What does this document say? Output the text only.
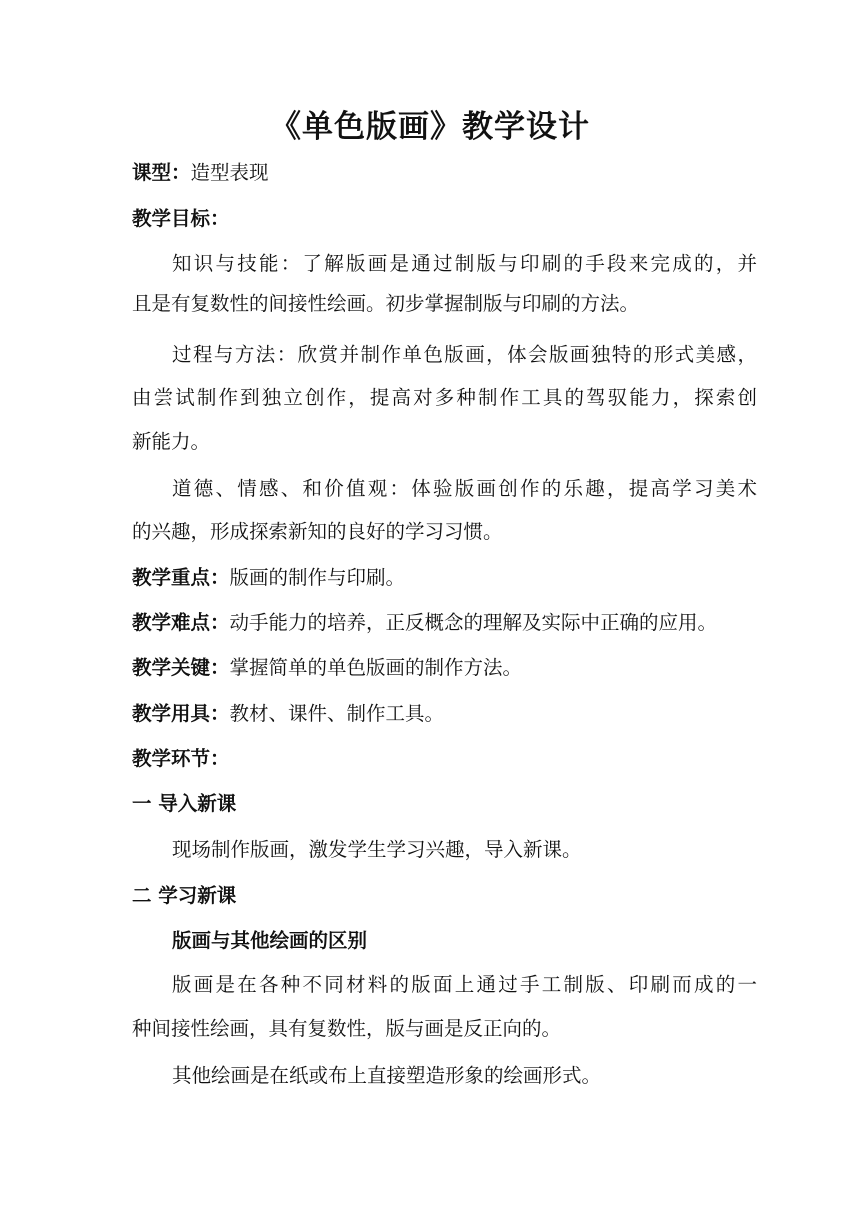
《单色版画》教学设计
课型：造型表现
教学目标：
知识与技能：了解版画是通过制版与印刷的手段来完成的，并
且是有复数性的间接性绘画。初步掌握制版与印刷的方法。
过程与方法：欣赏并制作单色版画，体会版画独特的形式美感，
由尝试制作到独立创作，提高对多种制作工具的驾驭能力，探索创
新能力。
道德、情感、和价值观：体验版画创作的乐趣，提高学习美术
的兴趣，形成探索新知的良好的学习习惯。
教学重点：版画的制作与印刷。
教学难点：动手能力的培养，正反概念的理解及实际中正确的应用。
教学关键：掌握简单的单色版画的制作方法。
教学用具：教材、课件、制作工具。
教学环节：
一 导入新课
现场制作版画，激发学生学习兴趣，导入新课。
二 学习新课
版画与其他绘画的区别
版画是在各种不同材料的版面上通过手工制版、印刷而成的一
种间接性绘画，具有复数性，版与画是反正向的。
其他绘画是在纸或布上直接塑造形象的绘画形式。
